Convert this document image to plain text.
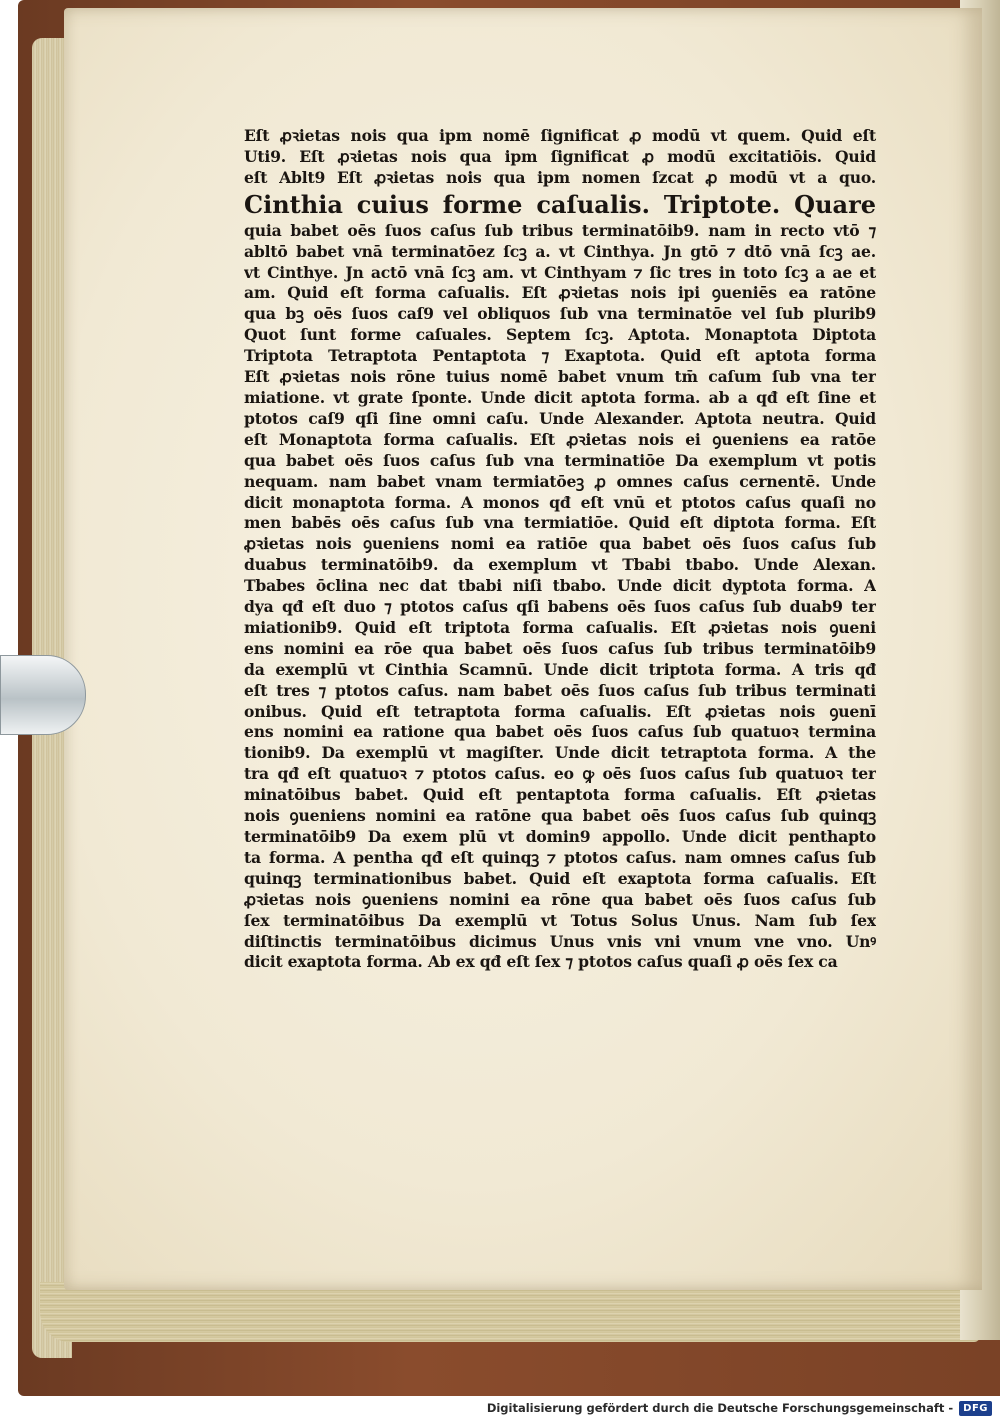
Eſt ꝓꝛietas nois qua ipm nomē ſignificat ꝓ modū vt quem. Quid eſt
Uti9. Eſt ꝓꝛietas nois qua ipm ſignificat ꝓ modū excitatiōis. Quid
eſt Ablt9 Eſt ꝓꝛietas nois qua ipm nomen ſzcat ꝓ modū vt a quo.
Cinthia cuius forme caſualis. Triptote. Quare
quia babet oēs ſuos caſus ſub tribus terminatōib9. nam in recto vtō ⁊
abltō babet vnā terminatōez ſcꝫ a. vt Cinthya. Jn gtō ⁊ dtō vnā ſcꝫ ae.
vt Cinthye. Jn actō vnā ſcꝫ am. vt Cinthyam ⁊ ſic tres in toto ſcꝫ a ae et
am. Quid eſt forma caſualis. Eſt ꝓꝛietas nois ipi ꝯueniēs ea ratōne
qua bꝫ oēs ſuos caſ9 vel obliquos ſub vna terminatōe vel ſub plurib9
Quot ſunt forme caſuales. Septem ſcꝫ. Aptota. Monaptota Diptota
Triptota Tetraptota Pentaptota ⁊ Exaptota. Quid eſt aptota forma
Eſt ꝓꝛietas nois rōne tuius nomē babet vnum tm̄ caſum ſub vna ter
miatione. vt grate ſponte. Unde dicit aptota forma. ab a qđ eſt ſine et
ptotos caſ9 qſi ſine omni caſu. Unde Alexander. Aptota neutra. Quid
eſt Monaptota forma caſualis. Eſt ꝓꝛietas nois ei ꝯueniens ea ratōe
qua babet oēs ſuos caſus ſub vna terminatiōe Da exemplum vt potis
nequam. nam babet vnam termiatōeꝫ ꝓ omnes caſus cernentē. Unde
dicit monaptota forma. A monos qđ eſt vnū et ptotos caſus quaſi no
men babēs oēs caſus ſub vna termiatiōe. Quid eſt diptota forma. Eſt
ꝓꝛietas nois ꝯueniens nomi ea ratiōe qua babet oēs ſuos caſus ſub
duabus terminatōib9. da exemplum vt Tbabi tbabo. Unde Alexan.
Tbabes ōclina nec dat tbabi niſi tbabo. Unde dicit dyptota forma. A
dya qđ eſt duo ⁊ ptotos caſus qſi babens oēs ſuos caſus ſub duab9 ter
miationib9. Quid eſt triptota forma caſualis. Eſt ꝓꝛietas nois ꝯueni
ens nomini ea rōe qua babet oēs ſuos caſus ſub tribus terminatōib9
da exemplū vt Cinthia Scamnū. Unde dicit triptota forma. A tris qđ
eſt tres ⁊ ptotos caſus. nam babet oēs ſuos caſus ſub tribus terminati
onibus. Quid eſt tetraptota forma caſualis. Eſt ꝓꝛietas nois ꝯuenī
ens nomini ea ratione qua babet oēs ſuos caſus ſub quatuoꝛ termina
tionib9. Da exemplū vt magiſter. Unde dicit tetraptota forma. A the
tra qđ eſt quatuoꝛ ⁊ ptotos caſus. eo ꝙ oēs ſuos caſus ſub quatuoꝛ ter
minatōibus babet. Quid eſt pentaptota forma caſualis. Eſt ꝓꝛietas
nois ꝯueniens nomini ea ratōne qua babet oēs ſuos caſus ſub quinqꝫ
terminatōib9 Da exem plū vt domin9 appollo. Unde dicit penthapto
ta forma. A pentha qđ eſt quinqꝫ ⁊ ptotos caſus. nam omnes caſus ſub
quinqꝫ terminationibus babet. Quid eſt exaptota forma caſualis. Eſt
ꝓꝛietas nois ꝯueniens nomini ea rōne qua babet oēs ſuos caſus ſub
ſex terminatōibus Da exemplū vt Totus Solus Unus. Nam ſub ſex
diſtinctis terminatōibus dicimus Unus vnis vni vnum vne vno. Unꝰ
dicit exaptota forma. Ab ex qđ eſt ſex ⁊ ptotos caſus quaſi ꝓ oēs ſex ca
Digitalisierung gefördert durch die Deutsche Forschungsgemeinschaft -	DFG
